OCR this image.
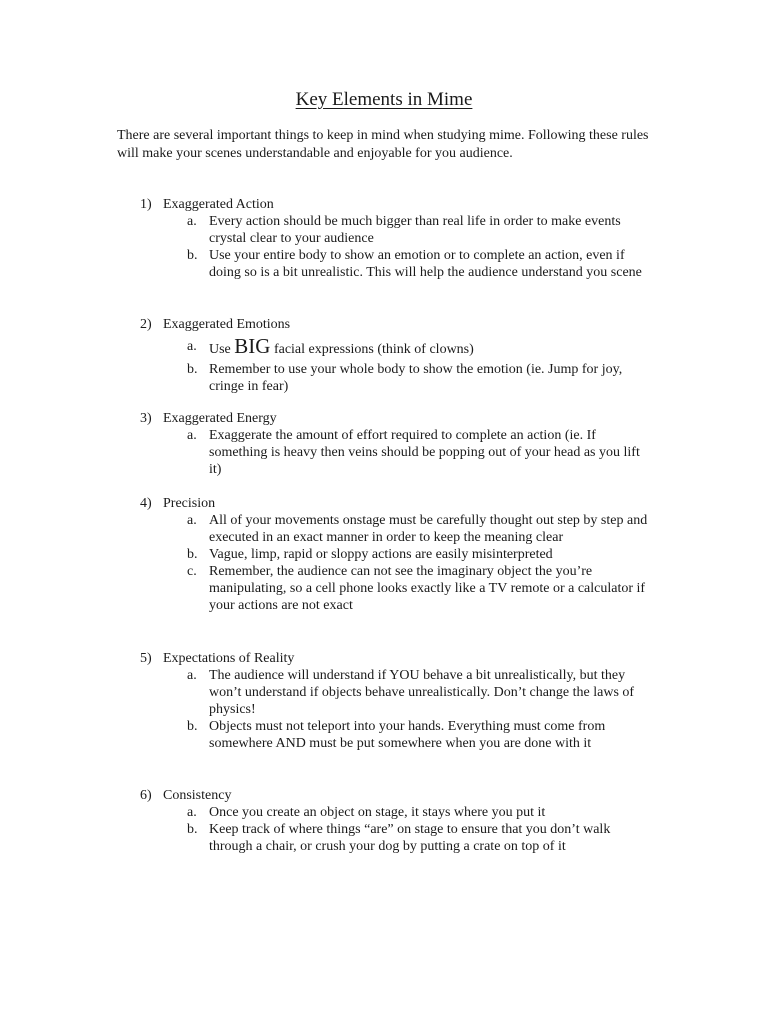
Key Elements in Mime
There are several important things to keep in mind when studying mime. Following these rules will make your scenes understandable and enjoyable for you audience.
1) Exaggerated Action
a. Every action should be much bigger than real life in order to make events crystal clear to your audience
b. Use your entire body to show an emotion or to complete an action, even if doing so is a bit unrealistic. This will help the audience understand you scene
2) Exaggerated Emotions
a. Use BIG facial expressions (think of clowns)
b. Remember to use your whole body to show the emotion (ie. Jump for joy, cringe in fear)
3) Exaggerated Energy
a. Exaggerate the amount of effort required to complete an action (ie. If something is heavy then veins should be popping out of your head as you lift it)
4) Precision
a. All of your movements onstage must be carefully thought out step by step and executed in an exact manner in order to keep the meaning clear
b. Vague, limp, rapid or sloppy actions are easily misinterpreted
c. Remember, the audience can not see the imaginary object the you’re manipulating, so a cell phone looks exactly like a TV remote or a calculator if your actions are not exact
5) Expectations of Reality
a. The audience will understand if YOU behave a bit unrealistically, but they won’t understand if objects behave unrealistically. Don’t change the laws of physics!
b. Objects must not teleport into your hands. Everything must come from somewhere AND must be put somewhere when you are done with it
6) Consistency
a. Once you create an object on stage, it stays where you put it
b. Keep track of where things “are” on stage to ensure that you don’t walk through a chair, or crush your dog by putting a crate on top of it
